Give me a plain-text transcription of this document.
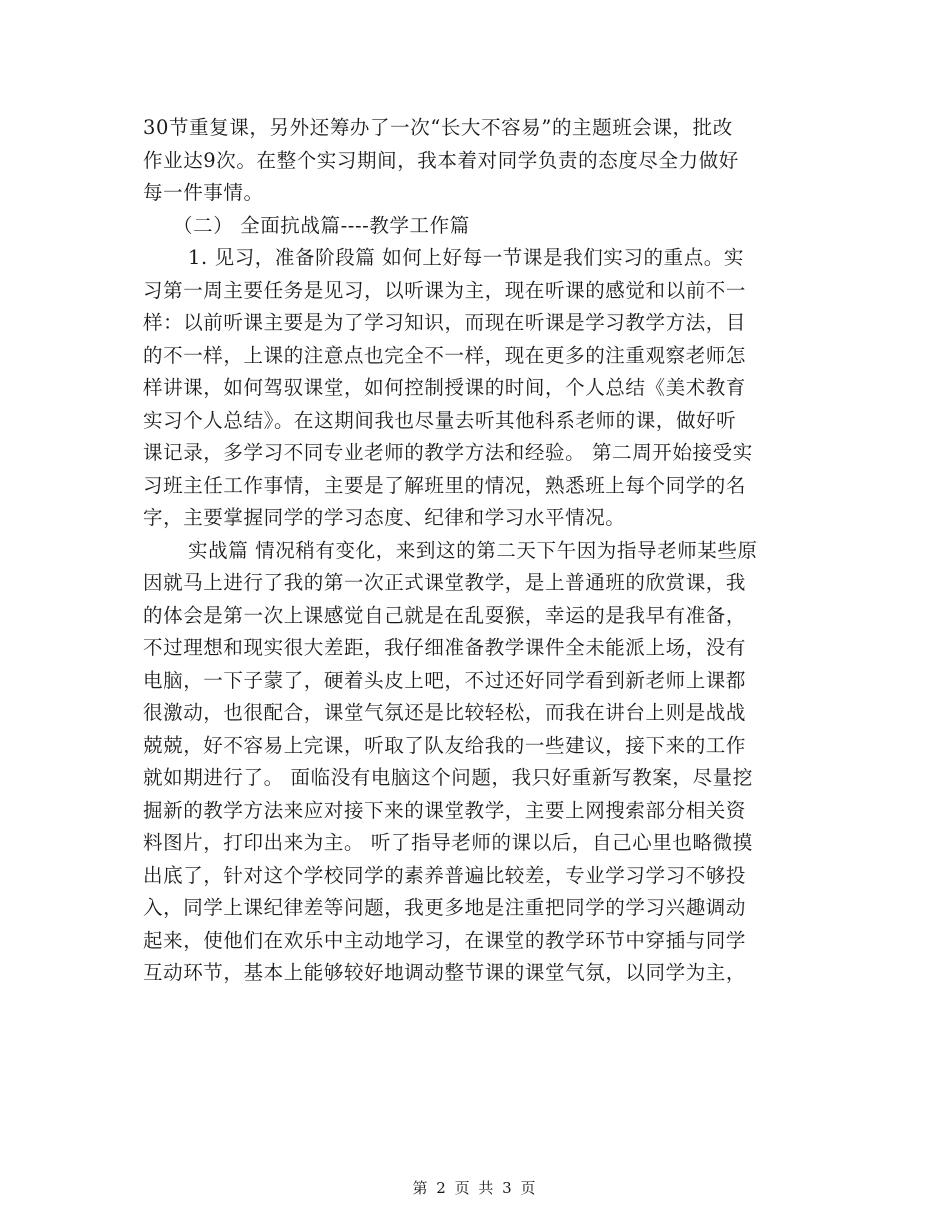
30节重复课，另外还筹办了一次“长大不容易”的主题班会课，批改
作业达9次。在整个实习期间，我本着对同学负责的态度尽全力做好
每一件事情。
（二） 全面抗战篇----教学工作篇
1. 见习，准备阶段篇 如何上好每一节课是我们实习的重点。实
习第一周主要任务是见习，以听课为主，现在听课的感觉和以前不一
样：以前听课主要是为了学习知识，而现在听课是学习教学方法，目
的不一样，上课的注意点也完全不一样，现在更多的注重观察老师怎
样讲课，如何驾驭课堂，如何控制授课的时间，个人总结《美术教育
实习个人总结》。在这期间我也尽量去听其他科系老师的课，做好听
课记录，多学习不同专业老师的教学方法和经验。 第二周开始接受实
习班主任工作事情，主要是了解班里的情况，熟悉班上每个同学的名
字，主要掌握同学的学习态度、纪律和学习水平情况。
实战篇 情况稍有变化，来到这的第二天下午因为指导老师某些原
因就马上进行了我的第一次正式课堂教学，是上普通班的欣赏课，我
的体会是第一次上课感觉自己就是在乱耍猴，幸运的是我早有准备，
不过理想和现实很大差距，我仔细准备教学课件全未能派上场，没有
电脑，一下子蒙了，硬着头皮上吧，不过还好同学看到新老师上课都
很激动，也很配合，课堂气氛还是比较轻松，而我在讲台上则是战战
兢兢，好不容易上完课，听取了队友给我的一些建议，接下来的工作
就如期进行了。 面临没有电脑这个问题，我只好重新写教案，尽量挖
掘新的教学方法来应对接下来的课堂教学，主要上网搜索部分相关资
料图片，打印出来为主。 听了指导老师的课以后，自己心里也略微摸
出底了，针对这个学校同学的素养普遍比较差，专业学习学习不够投
入，同学上课纪律差等问题，我更多地是注重把同学的学习兴趣调动
起来，使他们在欢乐中主动地学习，在课堂的教学环节中穿插与同学
互动环节，基本上能够较好地调动整节课的课堂气氛，以同学为主，
第 2 页 共 3 页
